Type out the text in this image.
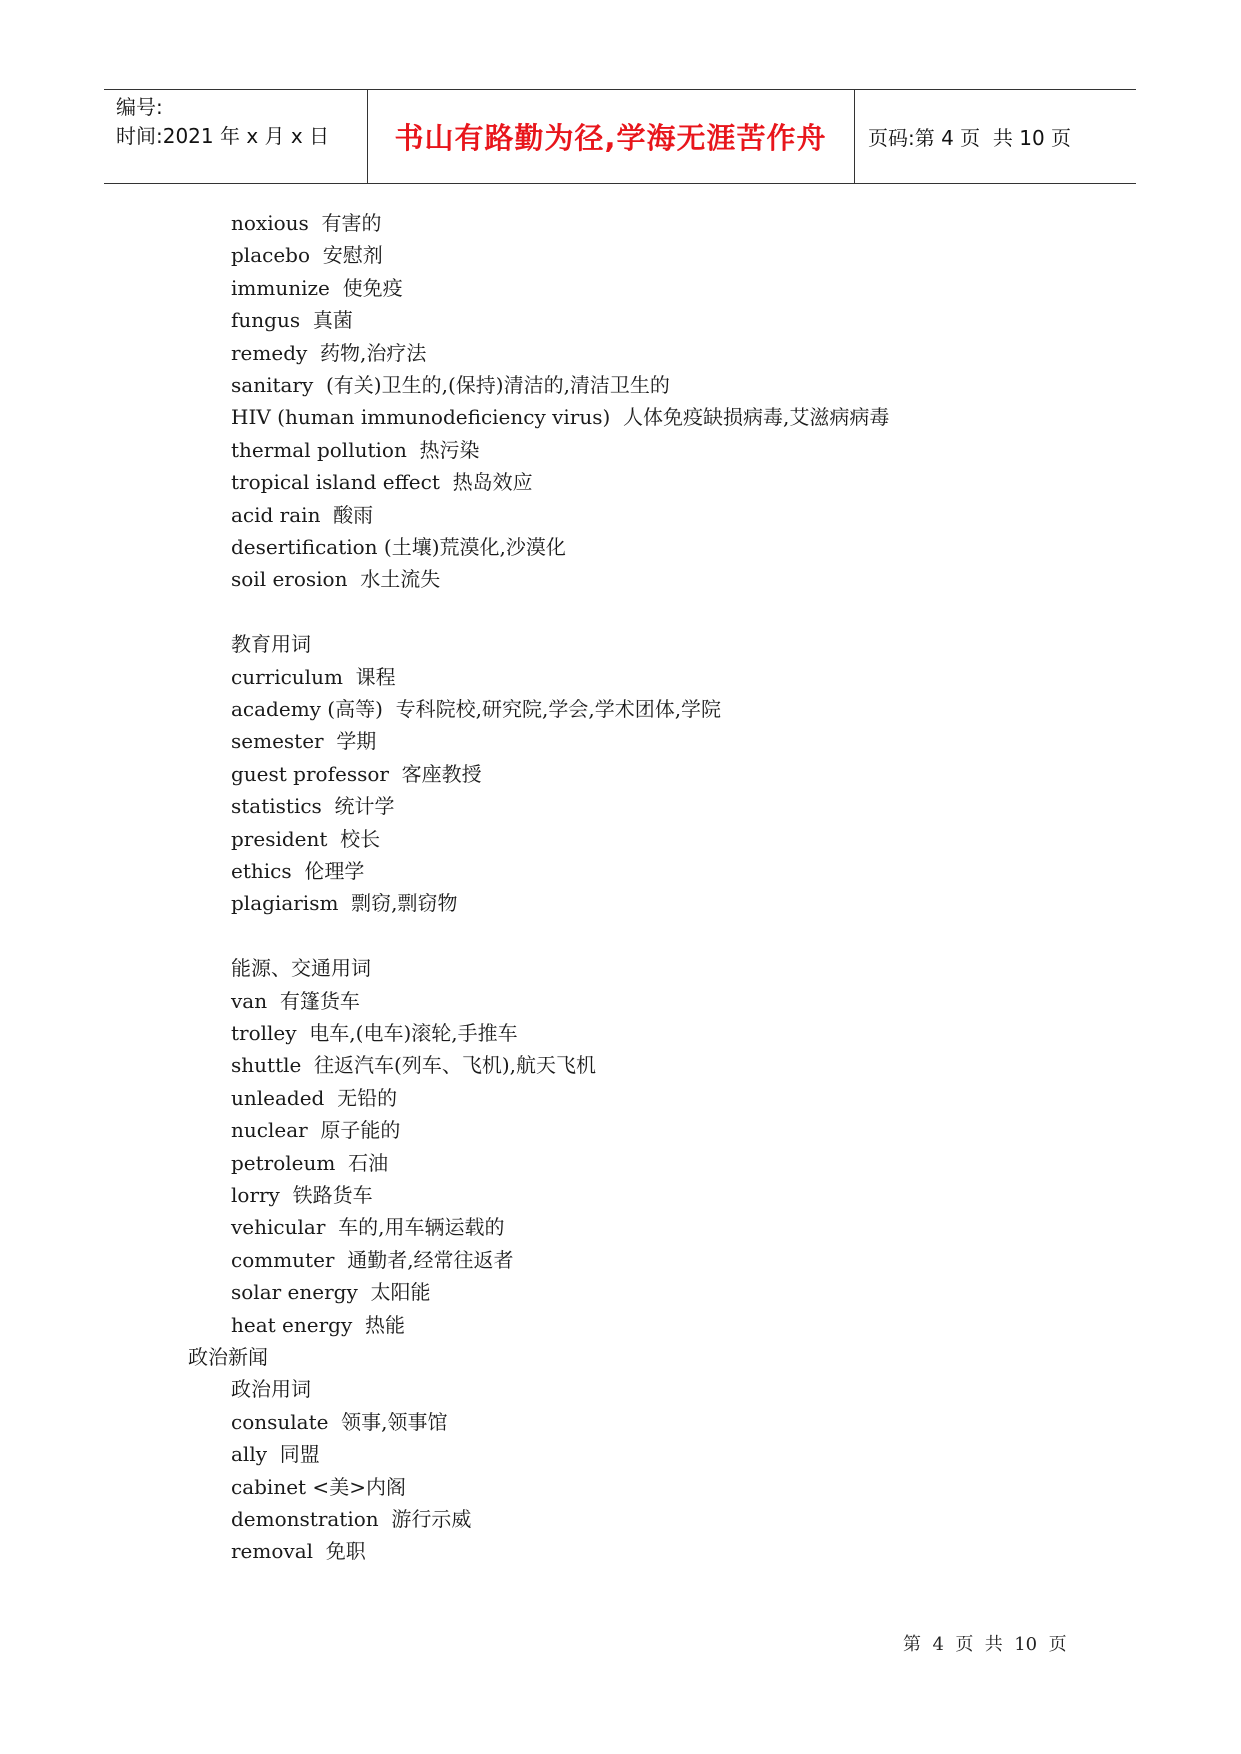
编号:
时间:2021 年 x 月 x 日	书山有路勤为径,学海无涯苦作舟	页码:第 4 页  共 10 页
noxious  有害的
placebo  安慰剂
immunize  使免疫
fungus  真菌
remedy  药物,治疗法
sanitary  (有关)卫生的,(保持)清洁的,清洁卫生的
HIV (human immunodeficiency virus)  人体免疫缺损病毒,艾滋病病毒
thermal pollution  热污染
tropical island effect  热岛效应
acid rain  酸雨
desertification (土壤)荒漠化,沙漠化
soil erosion  水土流失
教育用词
curriculum  课程
academy (高等)  专科院校,研究院,学会,学术团体,学院
semester  学期
guest professor  客座教授
statistics  统计学
president  校长
ethics  伦理学
plagiarism  剽窃,剽窃物
能源、交通用词
van  有篷货车
trolley  电车,(电车)滚轮,手推车
shuttle  往返汽车(列车、飞机),航天飞机
unleaded  无铅的
nuclear  原子能的
petroleum  石油
lorry  铁路货车
vehicular  车的,用车辆运载的
commuter  通勤者,经常往返者
solar energy  太阳能
heat energy  热能
政治新闻
政治用词
consulate  领事,领事馆
ally  同盟
cabinet <美>内阁
demonstration  游行示威
removal  免职
第  4  页  共  10  页
